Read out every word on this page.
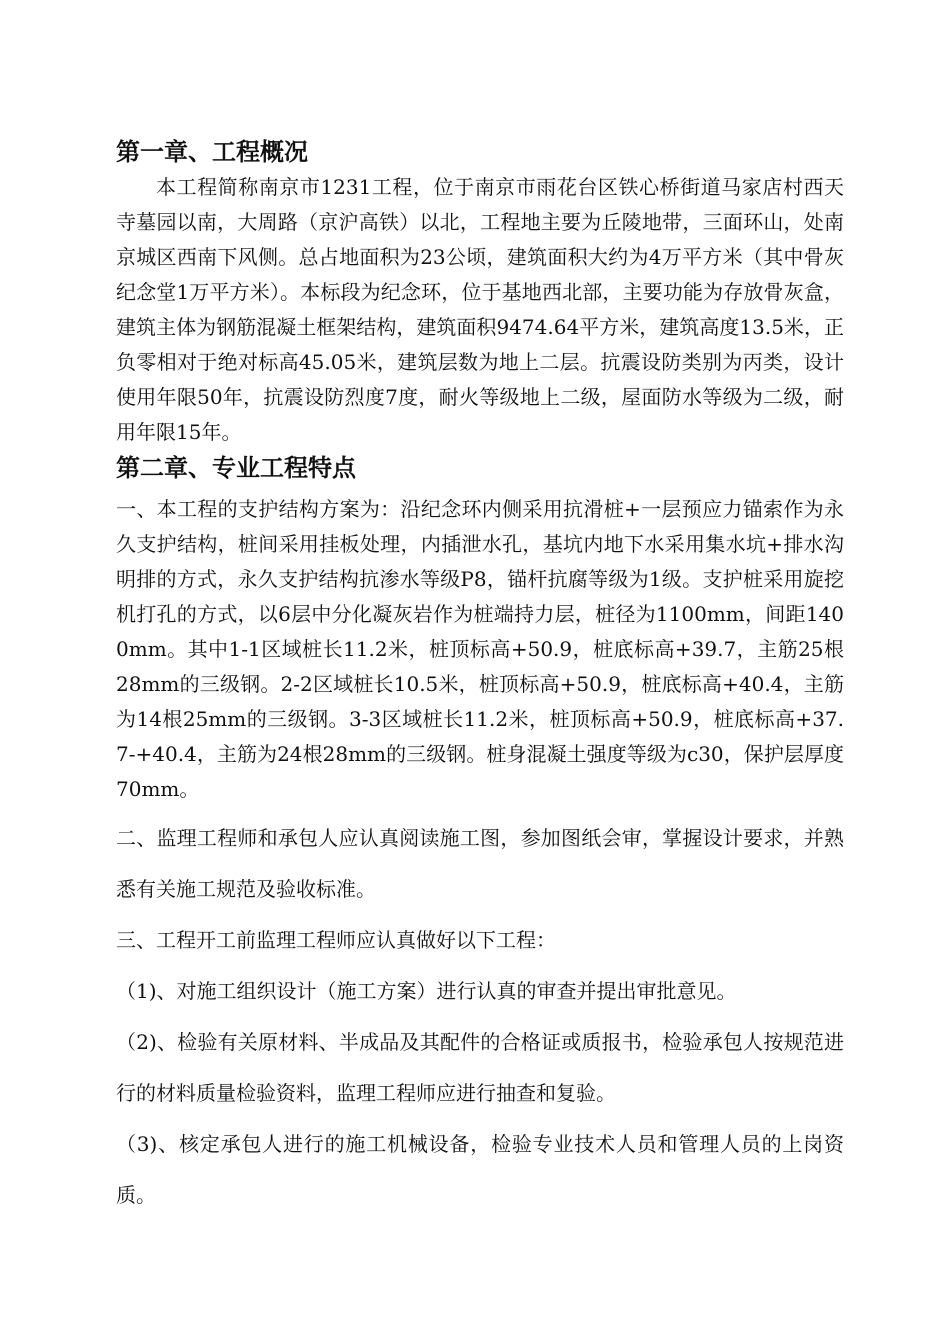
第一章、工程概况

本工程简称南京市1231工程，位于南京市雨花台区铁心桥街道马家店村西天寺墓园以南，大周路（京沪高铁）以北，工程地主要为丘陵地带，三面环山，处南京城区西南下风侧。总占地面积为23公顷，建筑面积大约为4万平方米（其中骨灰纪念堂1万平方米）。本标段为纪念环，位于基地西北部，主要功能为存放骨灰盒，建筑主体为钢筋混凝土框架结构，建筑面积9474.64平方米，建筑高度13.5米，正负零相对于绝对标高45.05米，建筑层数为地上二层。抗震设防类别为丙类，设计使用年限50年，抗震设防烈度7度，耐火等级地上二级，屋面防水等级为二级，耐用年限15年。

第二章、专业工程特点

一、本工程的支护结构方案为：沿纪念环内侧采用抗滑桩+一层预应力锚索作为永久支护结构，桩间采用挂板处理，内插泄水孔，基坑内地下水采用集水坑+排水沟明排的方式，永久支护结构抗渗水等级P8，锚杆抗腐等级为1级。支护桩采用旋挖机打孔的方式，以6层中分化凝灰岩作为桩端持力层，桩径为1100mm，间距1400mm。其中1-1区域桩长11.2米，桩顶标高+50.9，桩底标高+39.7，主筋25根28mm的三级钢。2-2区域桩长10.5米，桩顶标高+50.9，桩底标高+40.4，主筋为14根25mm的三级钢。3-3区域桩长11.2米，桩顶标高+50.9，桩底标高+37.7-+40.4，主筋为24根28mm的三级钢。桩身混凝土强度等级为c30，保护层厚度70mm。

二、监理工程师和承包人应认真阅读施工图，参加图纸会审，掌握设计要求，并熟悉有关施工规范及验收标准。

三、工程开工前监理工程师应认真做好以下工程：

（1)、对施工组织设计（施工方案）进行认真的审查并提出审批意见。

（2)、检验有关原材料、半成品及其配件的合格证或质报书，检验承包人按规范进行的材料质量检验资料，监理工程师应进行抽查和复验。

（3)、核定承包人进行的施工机械设备，检验专业技术人员和管理人员的上岗资质。
